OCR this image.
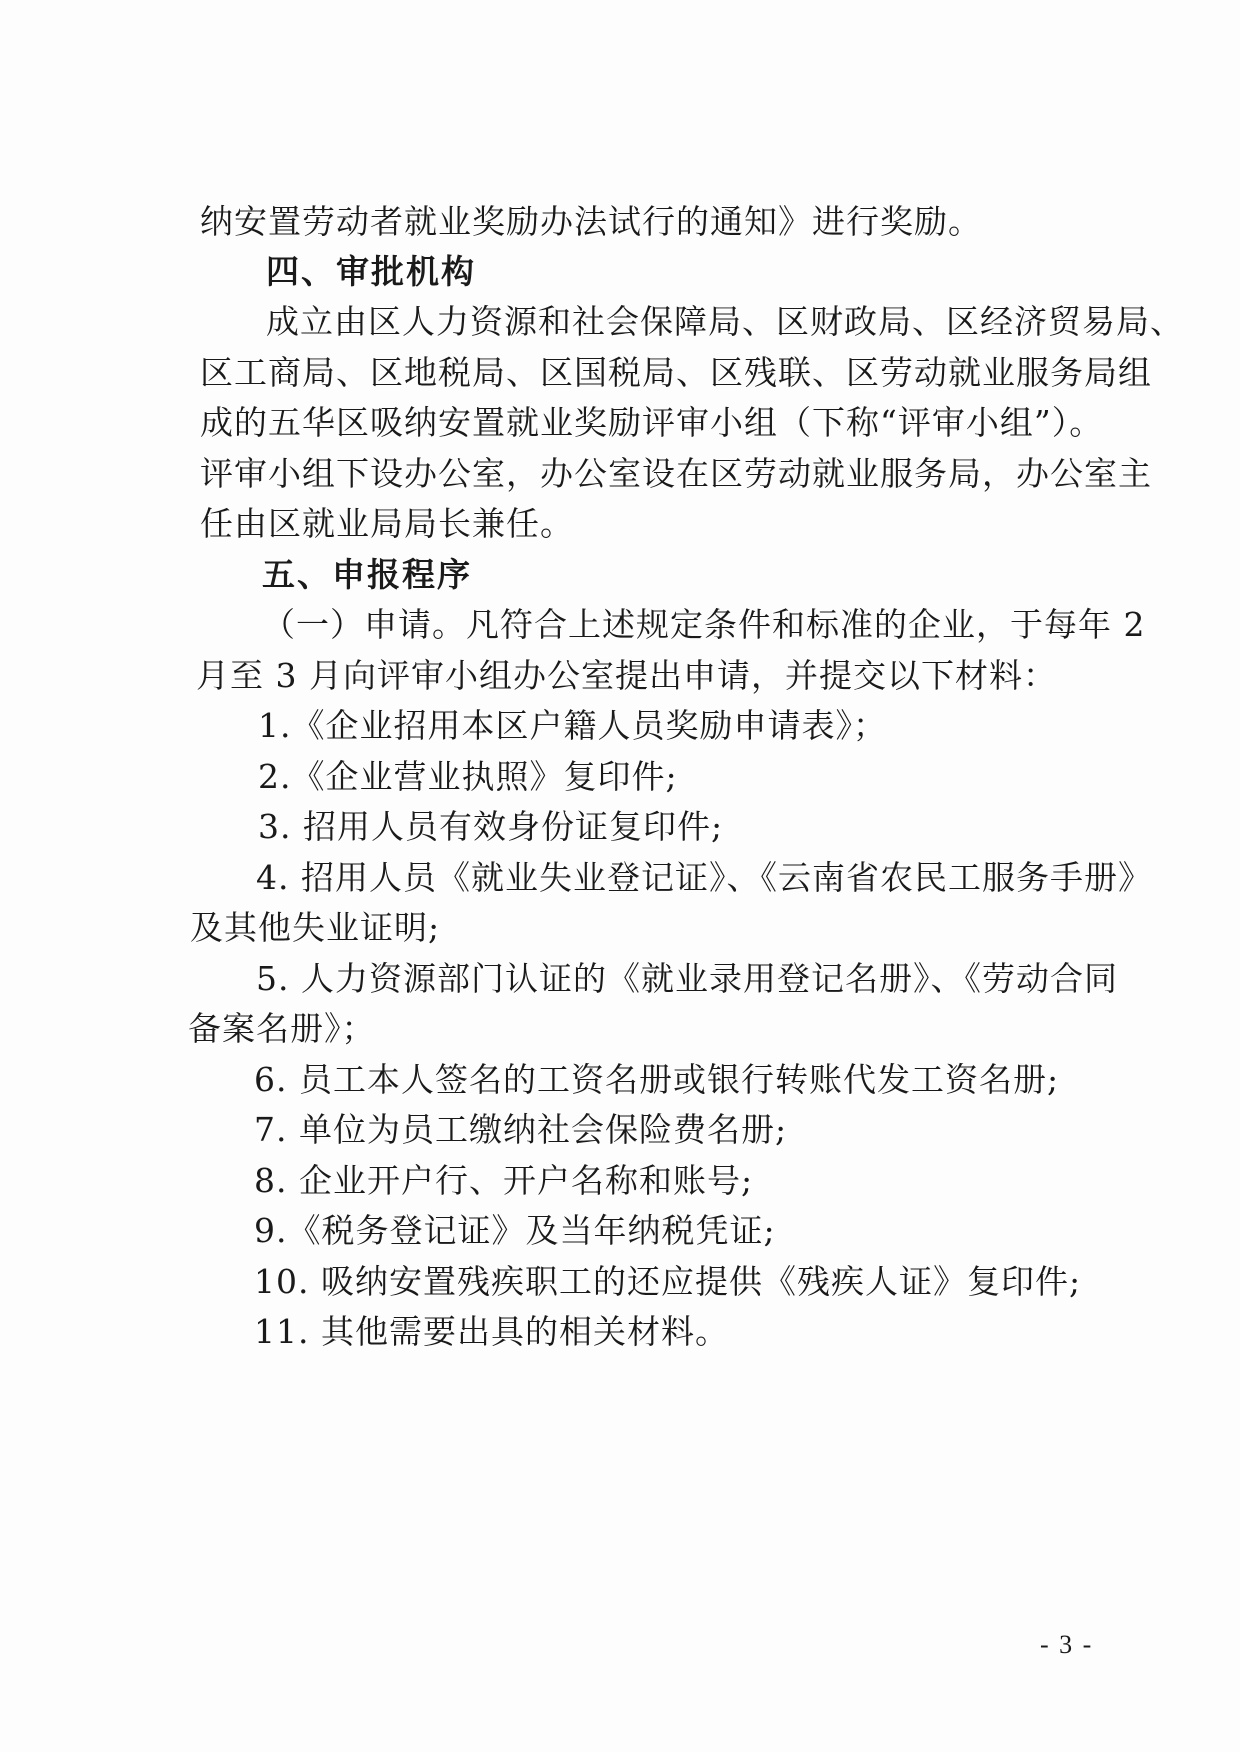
纳安置劳动者就业奖励办法试行的通知》进行奖励。
四、审批机构
成立由区人力资源和社会保障局、区财政局、区经济贸易局、
区工商局、区地税局、区国税局、区残联、区劳动就业服务局组
成的五华区吸纳安置就业奖励评审小组（下称“评审小组”）。
评审小组下设办公室，办公室设在区劳动就业服务局，办公室主
任由区就业局局长兼任。
五、申报程序
（一）申请。凡符合上述规定条件和标准的企业，于每年 2
月至 3 月向评审小组办公室提出申请，并提交以下材料：
1.《企业招用本区户籍人员奖励申请表》；
2.《企业营业执照》复印件;
3. 招用人员有效身份证复印件;
4. 招用人员《就业失业登记证》、《云南省农民工服务手册》
及其他失业证明;
5. 人力资源部门认证的《就业录用登记名册》、《劳动合同
备案名册》；
6. 员工本人签名的工资名册或银行转账代发工资名册;
7. 单位为员工缴纳社会保险费名册;
8. 企业开户行、开户名称和账号;
9.《税务登记证》及当年纳税凭证;
10. 吸纳安置残疾职工的还应提供《残疾人证》复印件;
11. 其他需要出具的相关材料。
- 3 -
